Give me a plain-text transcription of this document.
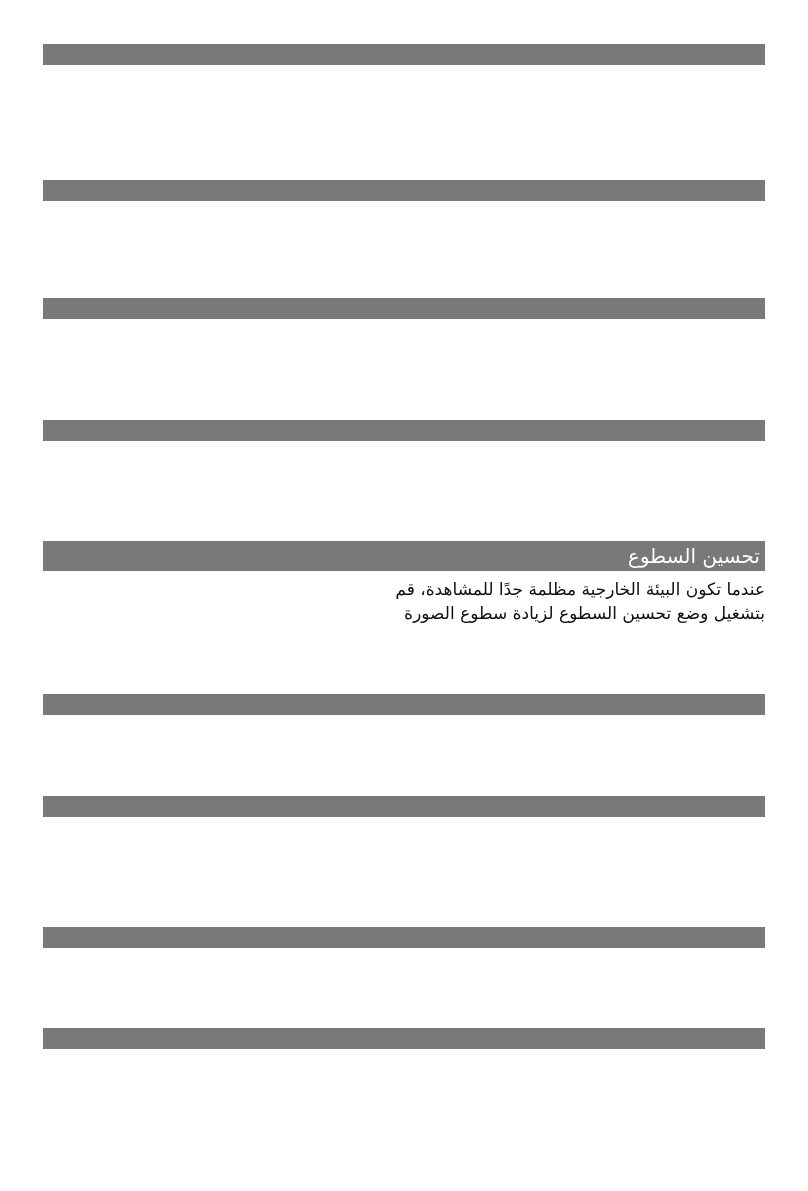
تحسين السطوع
عندما تكون البيئة الخارجية مظلمة جدًا للمشاهدة، قم
بتشغيل وضع تحسين السطوع لزيادة سطوع الصورة
